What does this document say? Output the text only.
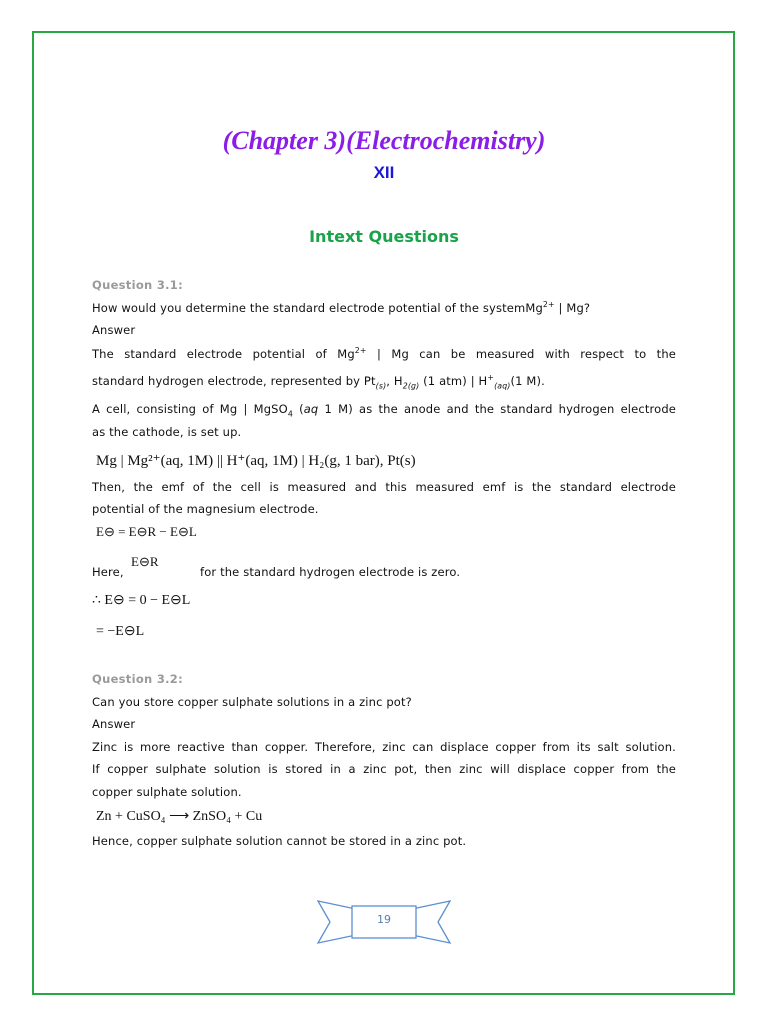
(Chapter 3)(Electrochemistry)
XII
Intext Questions
Question 3.1:
How would you determine the standard electrode potential of the systemMg$^{2+}$ | Mg?
Answer
The standard electrode potential of $Mg^{2+}$ | Mg can be measured with respect to the
standard hydrogen electrode, represented by $Pt_{(s)}$, $H_{2(g)}$ (1 atm) | $H^+_{(aq)}(1$ M).
A cell, consisting of Mg | MgSO$_4$ (aq 1 M) as the anode and the standard hydrogen electrode
as the cathode, is set up.
Mg | Mg²⁺(aq, 1M) || H⁺(aq, 1M) | H₂(g, 1 bar), Pt(s)
Then, the emf of the cell is measured and this measured emf is the standard electrode
potential of the magnesium electrode.
E⊖ = E⊖R − E⊖L
Here,
E⊖R
for the standard hydrogen electrode is zero.
∴ E⊖ = 0 − E⊖L
= −E⊖L
Question 3.2:
Can you store copper sulphate solutions in a zinc pot?
Answer
Zinc is more reactive than copper. Therefore, zinc can displace copper from its salt solution.
If copper sulphate solution is stored in a zinc pot, then zinc will displace copper from the
copper sulphate solution.
Zn + CuSO₄ ⟶ ZnSO₄ + Cu
Hence, copper sulphate solution cannot be stored in a zinc pot.
19
